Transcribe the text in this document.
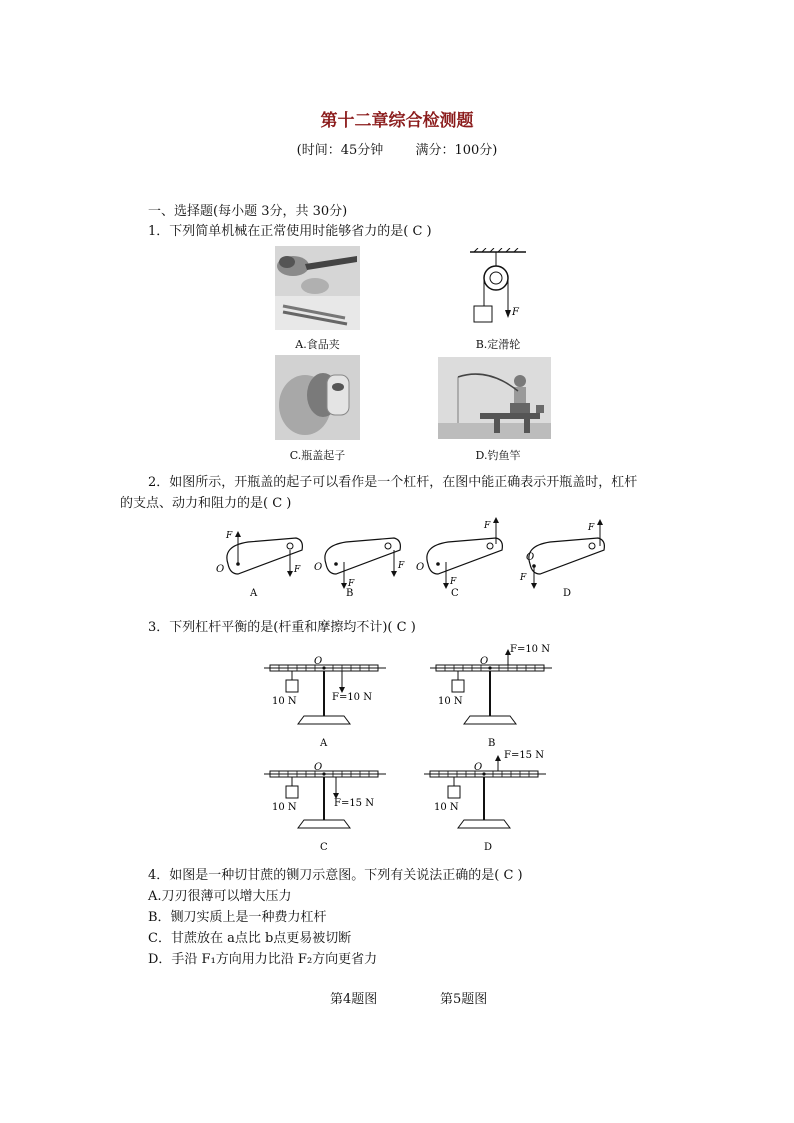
第十二章综合检测题
(时间：45分钟 满分：100分)
一、选择题(每小题 3分，共 30分)
1．下列简单机械在正常使用时能够省力的是( C )
A.食品夹
F
B.定滑轮
C.瓶盖起子	D.钓鱼竿
2．如图所示，开瓶盖的起子可以看作是一个杠杆，在图中能正确表示开瓶盖时，杠杆
的支点、动力和阻力的是( C )
O
F
F O
F
F O
F
F
O
F
F
A	B	C	D
3．下列杠杆平衡的是(杆重和摩擦均不计)( C )
O
10 N	F=10 N
A
O
10 N
F=10 N
B
O
10 N	F=15 N
C
O
10 N
F=15 N
D
4．如图是一种切甘蔗的铡刀示意图。下列有关说法正确的是( C )
A.刀刃很薄可以增大压力
B．铡刀实质上是一种费力杠杆
C．甘蔗放在 a点比 b点更易被切断
D．手沿 F₁方向用力比沿 F₂方向更省力
第4题图	第5题图
